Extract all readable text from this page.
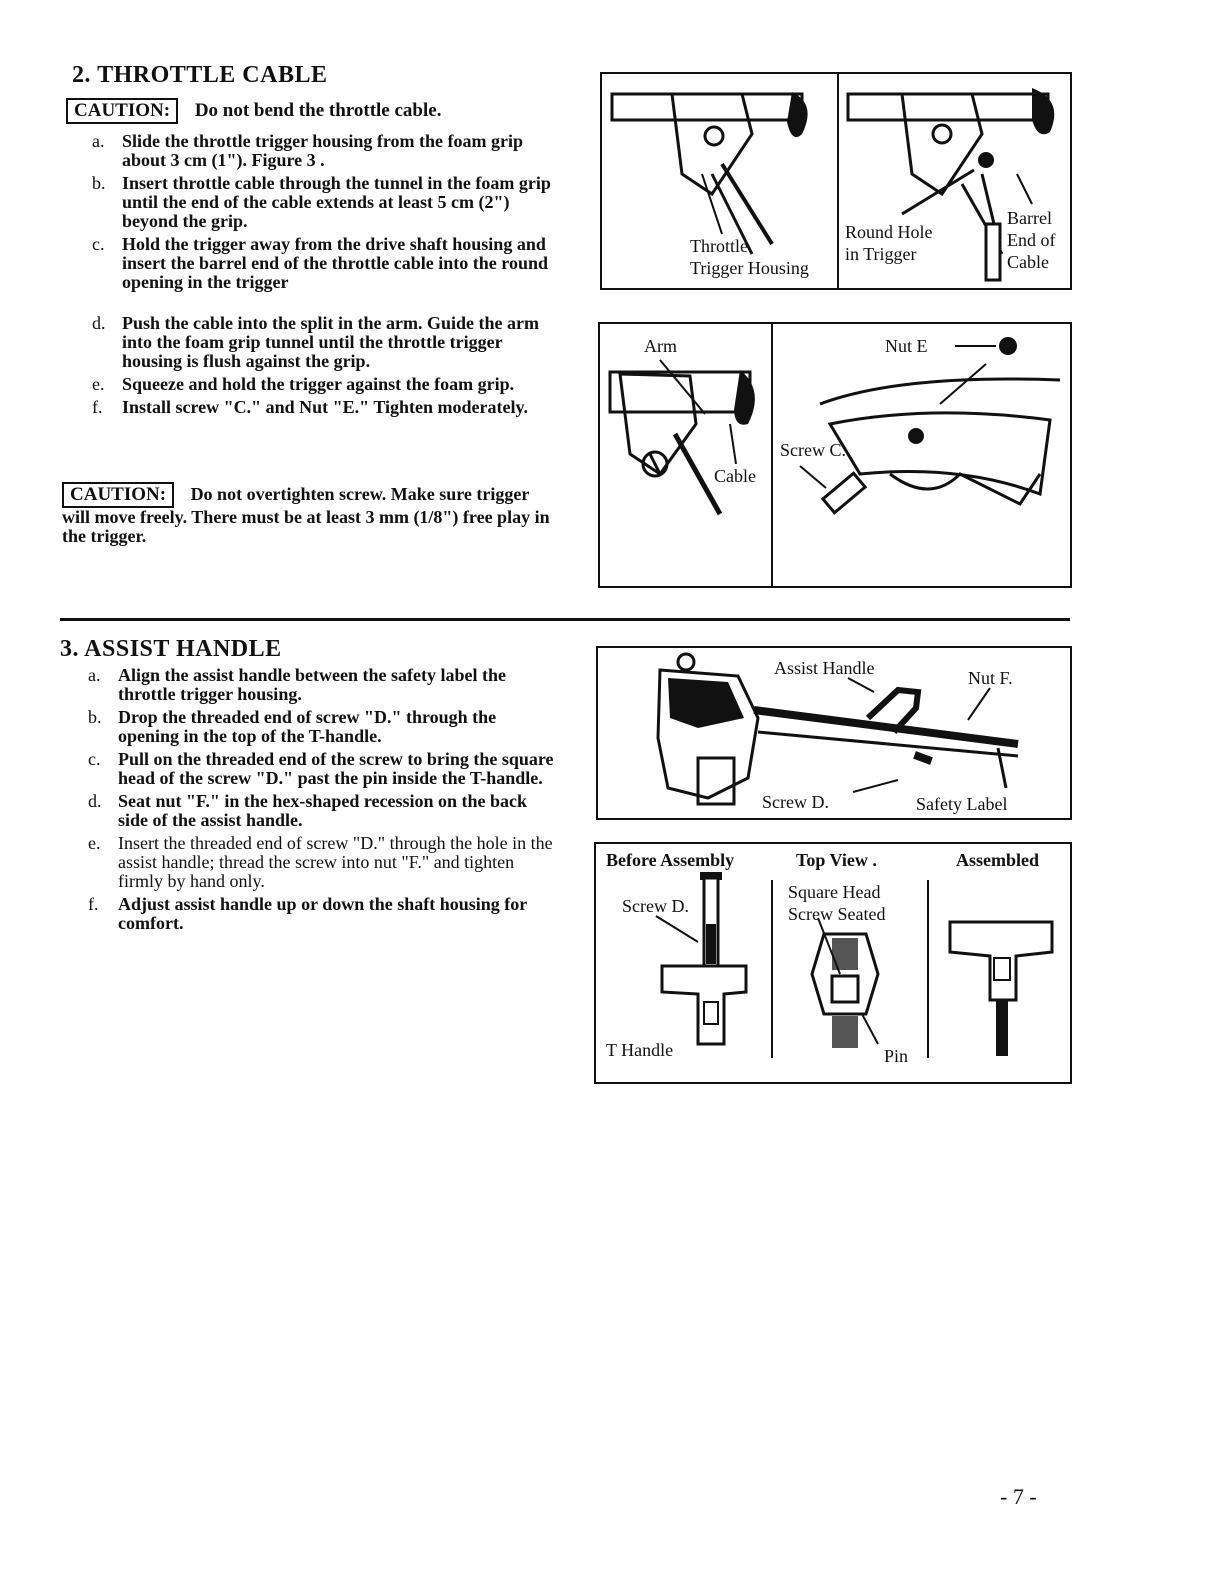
2. THROTTLE CABLE
CAUTION: Do not bend the throttle cable.
a. Slide the throttle trigger housing from the foam grip about 3 cm (1"). Figure 3 .
b. Insert throttle cable through the tunnel in the foam grip until the end of the cable extends at least 5 cm (2") beyond the grip.
c. Hold the trigger away from the drive shaft housing and insert the barrel end of the throttle cable into the round opening in the trigger
d. Push the cable into the split in the arm. Guide the arm into the foam grip tunnel until the throttle trigger housing is flush against the grip.
e. Squeeze and hold the trigger against the foam grip.
f.	Install screw "C." and Nut "E." Tighten moderately.
CAUTION: Do not overtighten screw. Make sure trigger will move freely. There must be at least 3 mm (1/8") free play in the trigger.
Throttle
Trigger Housing
Round Hole
in Trigger
Barrel
End of
Cable
Arm
Cable
Nut E
Screw C.
3. ASSIST HANDLE
a. Align the assist handle between the safety label the throttle trigger housing.
b. Drop the threaded end of screw "D." through the opening in the top of the T-handle.
c. Pull on the threaded end of the screw to bring the square head of the screw "D." past the pin inside the T-handle.
d. Seat nut "F." in the hex-shaped recession on the back side of the assist handle.
e. Insert the threaded end of screw "D." through the hole in the assist handle; thread the screw into nut "F." and tighten firmly by hand only.
f.	Adjust assist handle up or down the shaft housing for comfort.
Assist Handle	Nut F.
Screw D.	Safety Label
Before Assembly	Top View .	Assembled
Screw D.
Square Head
Screw Seated
T Handle	Pin
- 7 -
